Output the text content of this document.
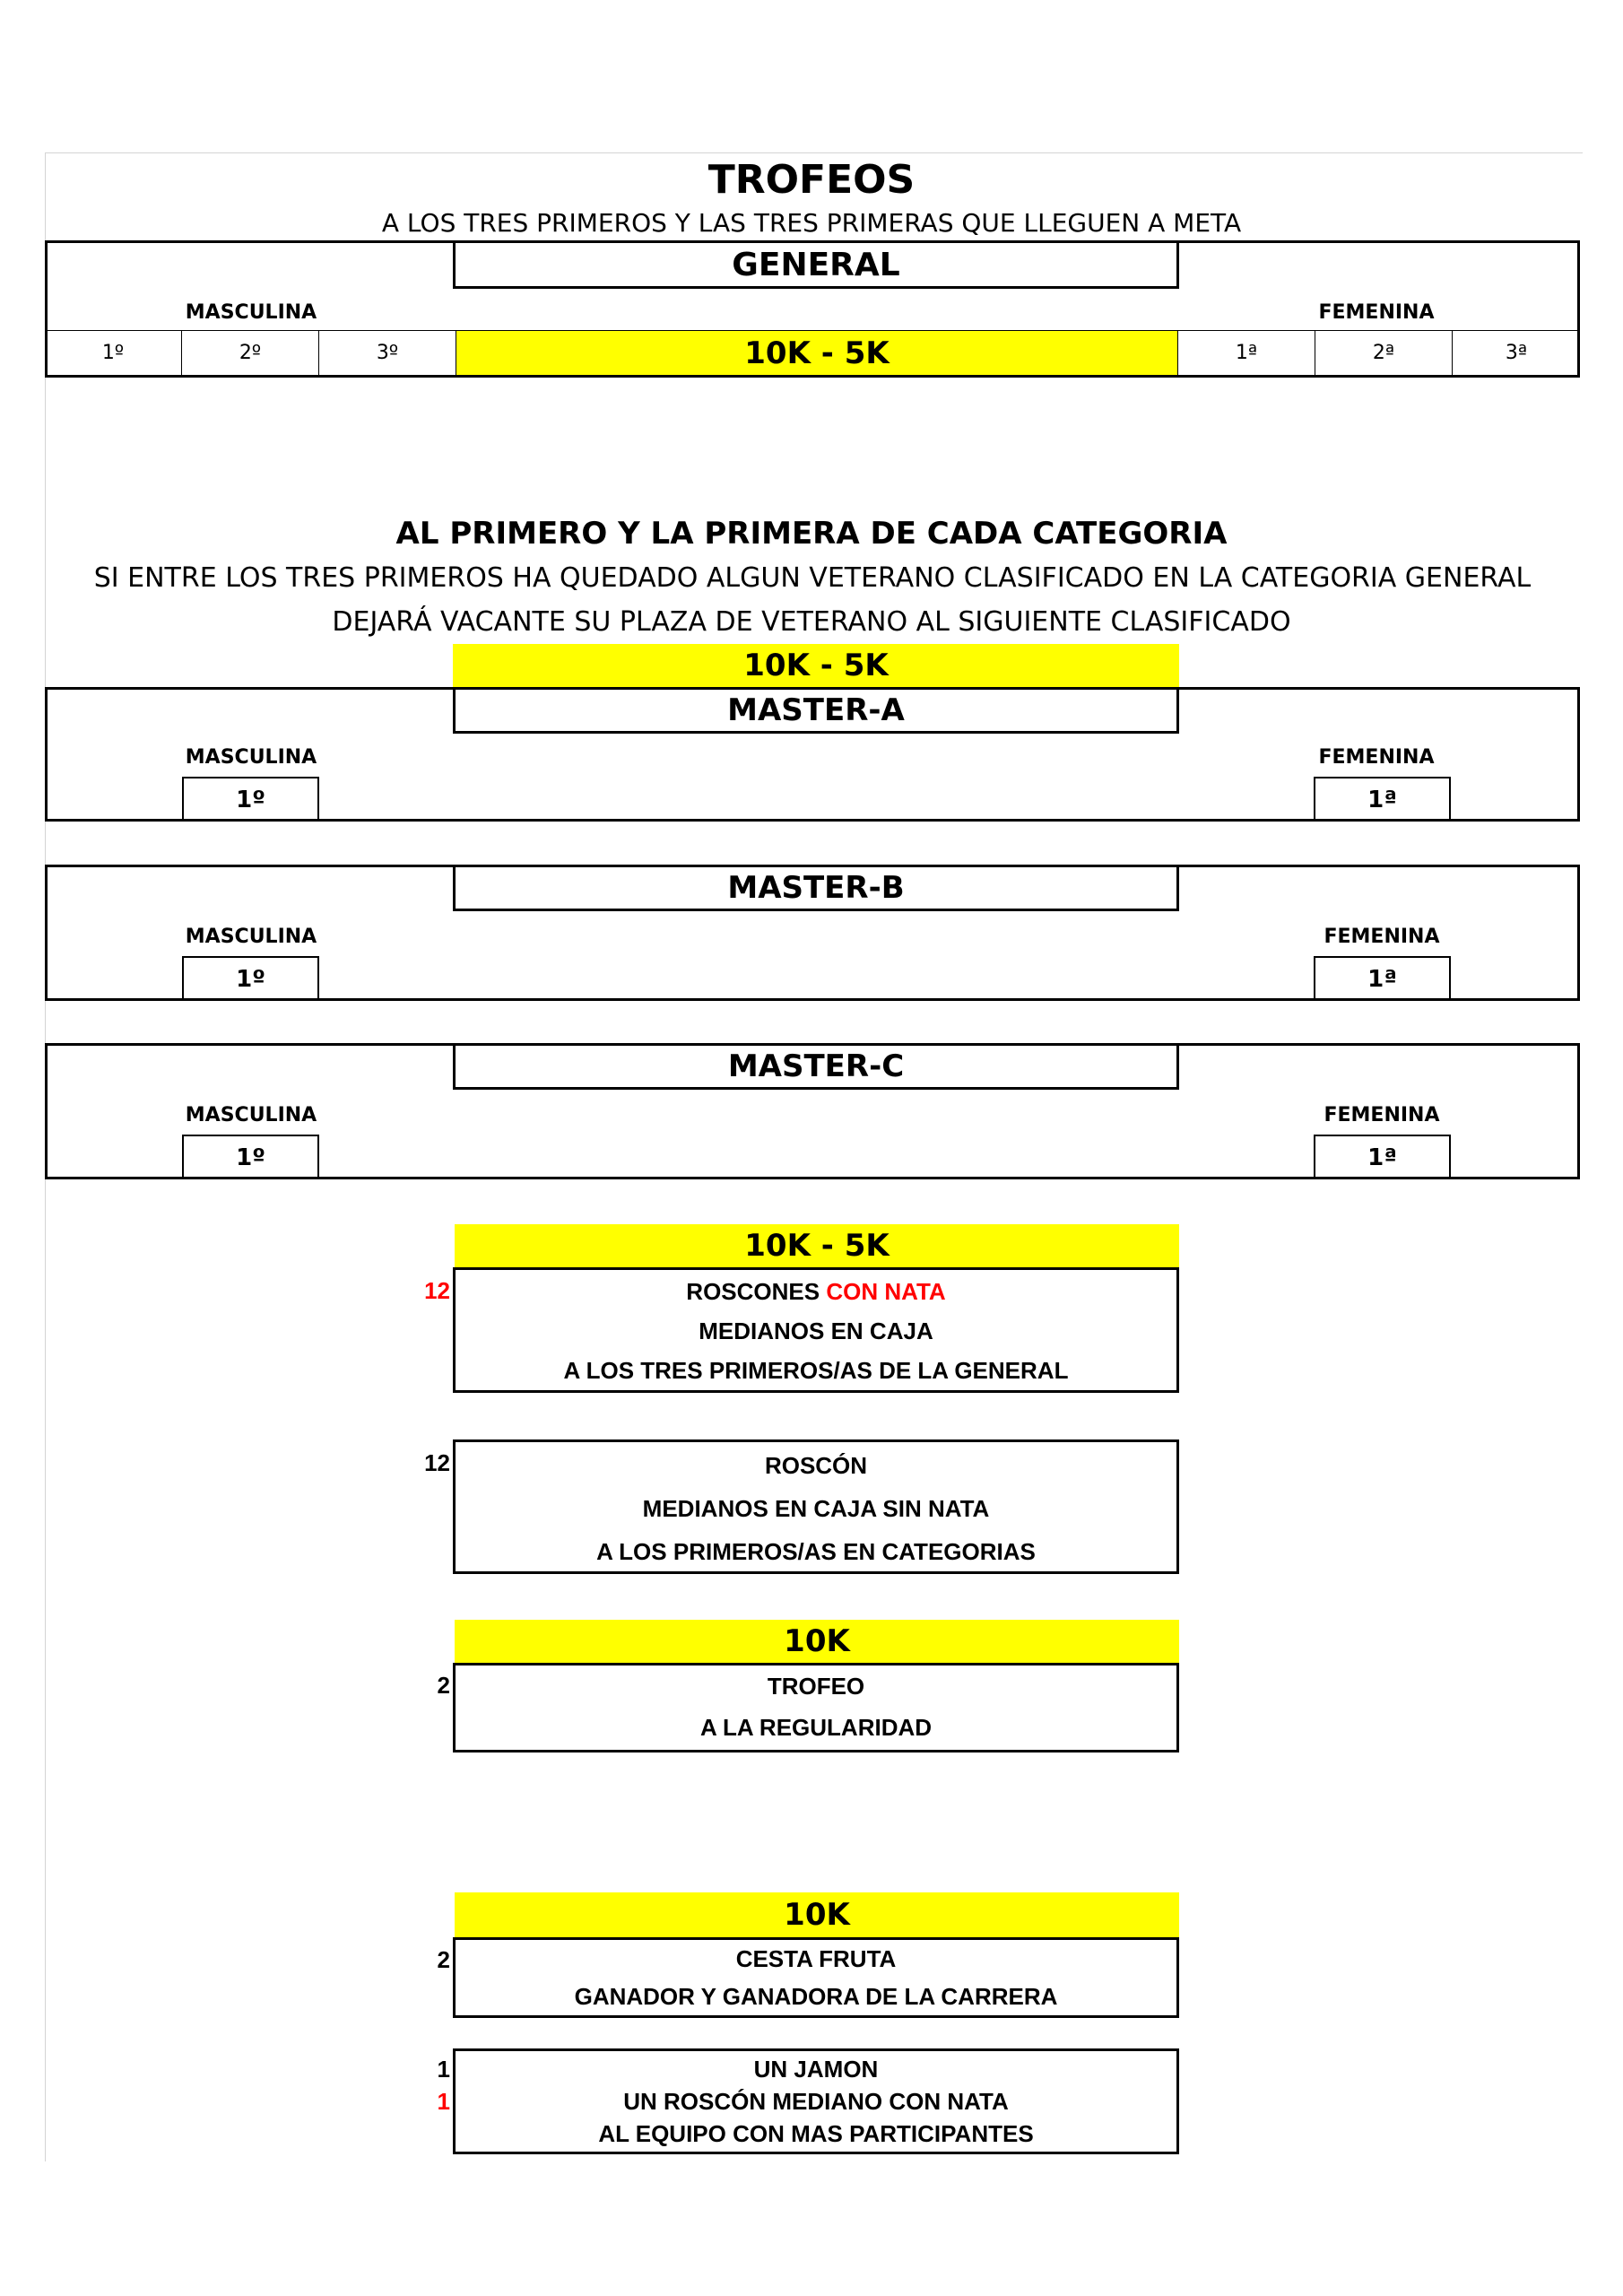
TROFEOS
A LOS TRES PRIMEROS Y LAS TRES PRIMERAS QUE LLEGUEN A META
GENERAL
MASCULINA	FEMENINA
1º	2º	3º	10K - 5K	1ª	2ª	3ª
AL PRIMERO Y LA PRIMERA DE CADA CATEGORIA
SI ENTRE LOS TRES PRIMEROS HA QUEDADO ALGUN VETERANO CLASIFICADO EN LA CATEGORIA GENERAL
DEJARÁ VACANTE SU PLAZA DE VETERANO AL SIGUIENTE CLASIFICADO
10K - 5K
MASTER-A
MASCULINA	FEMENINA
1º	1ª
MASTER-B
MASCULINA	FEMENINA
1º	1ª
MASTER-C
MASCULINA	FEMENINA
1º	1ª
10K - 5K
12	ROSCONES CON NATA
MEDIANOS EN CAJA
A LOS TRES PRIMEROS/AS DE LA GENERAL
12	ROSCÓN
MEDIANOS EN CAJA SIN NATA
A LOS PRIMEROS/AS EN CATEGORIAS
10K
2	TROFEO
A LA REGULARIDAD
10K
2	CESTA FRUTA
GANADOR Y GANADORA DE LA CARRERA
1
1
UN JAMON
UN ROSCÓN MEDIANO CON NATA
AL EQUIPO CON MAS PARTICIPANTES
